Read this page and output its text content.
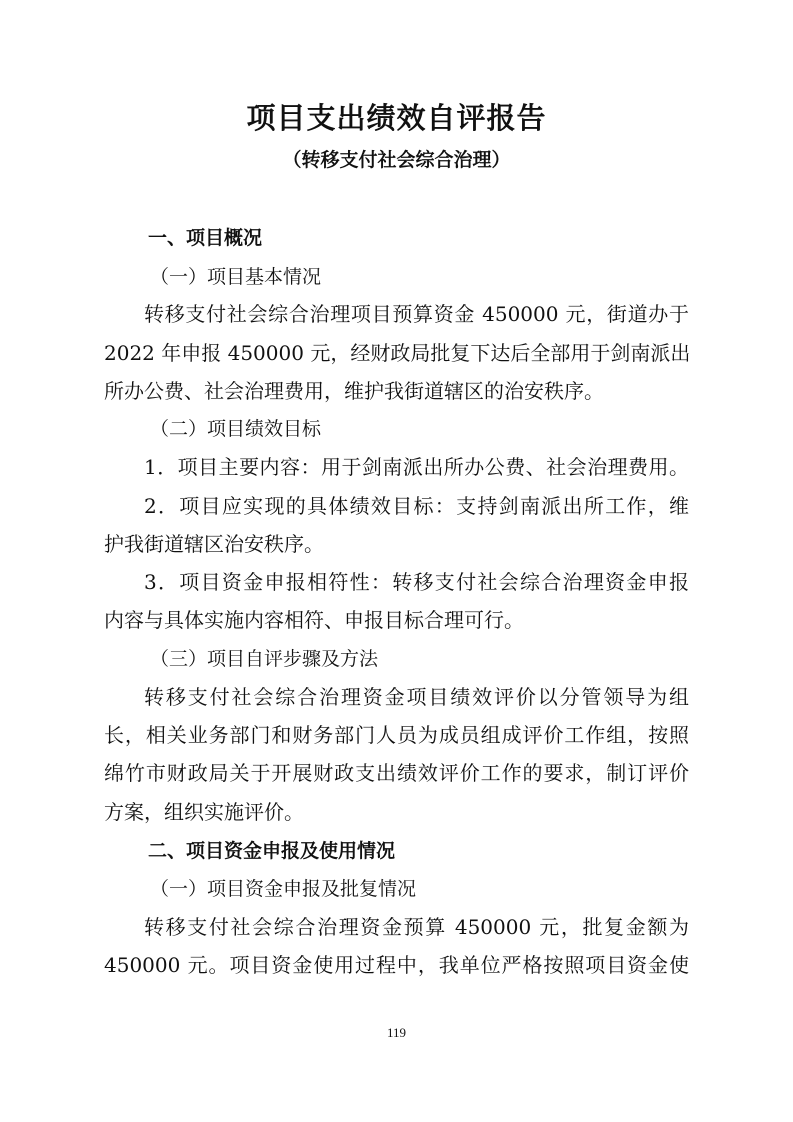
项目支出绩效自评报告
（转移支付社会综合治理）
一、项目概况
（一）项目基本情况
转移支付社会综合治理项目预算资金 450000 元，街道办于
2022 年申报 450000 元，经财政局批复下达后全部用于剑南派出
所办公费、社会治理费用，维护我街道辖区的治安秩序。
（二）项目绩效目标
1．项目主要内容：用于剑南派出所办公费、社会治理费用。
2．项目应实现的具体绩效目标：支持剑南派出所工作，维
护我街道辖区治安秩序。
3．项目资金申报相符性：转移支付社会综合治理资金申报
内容与具体实施内容相符、申报目标合理可行。
（三）项目自评步骤及方法
转移支付社会综合治理资金项目绩效评价以分管领导为组
长，相关业务部门和财务部门人员为成员组成评价工作组，按照
绵竹市财政局关于开展财政支出绩效评价工作的要求，制订评价
方案，组织实施评价。
二、项目资金申报及使用情况
（一）项目资金申报及批复情况
转移支付社会综合治理资金预算 450000 元，批复金额为
450000 元。项目资金使用过程中，我单位严格按照项目资金使
119
